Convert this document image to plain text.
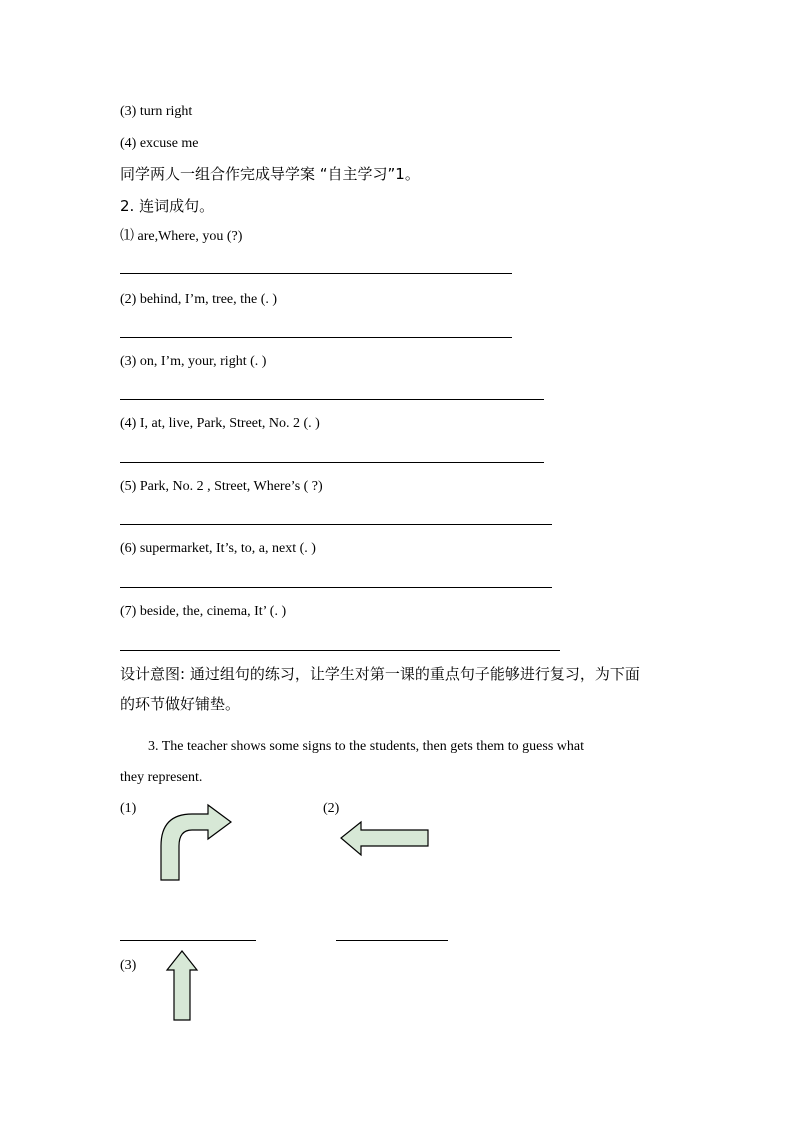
(3) turn right
(4) excuse me
同学两人一组合作完成导学案 “自主学习”1。
2. 连词成句。
⑴ are,Where, you (?)
(2) behind, I’m, tree, the (. )
(3) on, I’m, your, right (. )
(4) I, at, live, Park, Street, No. 2 (. )
(5) Park, No. 2 , Street, Where’s ( ?)
(6) supermarket, It’s, to, a, next (. )
(7) beside, the, cinema, It’ (. )
设计意图: 通过组句的练习，让学生对第一课的重点句子能够进行复习，为下面
的环节做好铺垫。
3. The teacher shows some signs to the students, then gets them to guess what
they represent.
(1)	(2)
(3)
